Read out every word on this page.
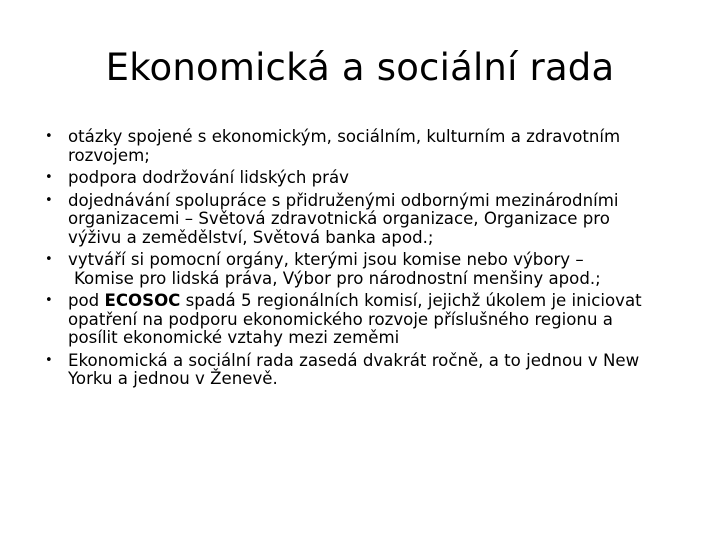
Ekonomická a sociální rada
• otázky spojené s ekonomickým, sociálním, kulturním a zdravotním
rozvojem;
• podpora dodržování lidských práv
• dojednávání spolupráce s přidruženými odbornými mezinárodními
organizacemi – Světová zdravotnická organizace, Organizace pro
výživu a zemědělství, Světová banka apod.;
• vytváří si pomocní orgány, kterými jsou komise nebo výbory –
Komise pro lidská práva, Výbor pro národnostní menšiny apod.;
• pod ECOSOC spadá 5 regionálních komisí, jejichž úkolem je iniciovat
opatření na podporu ekonomického rozvoje příslušného regionu a
posílit ekonomické vztahy mezi zeměmi
• Ekonomická a sociální rada zasedá dvakrát ročně, a to jednou v New
Yorku a jednou v Ženevě.
